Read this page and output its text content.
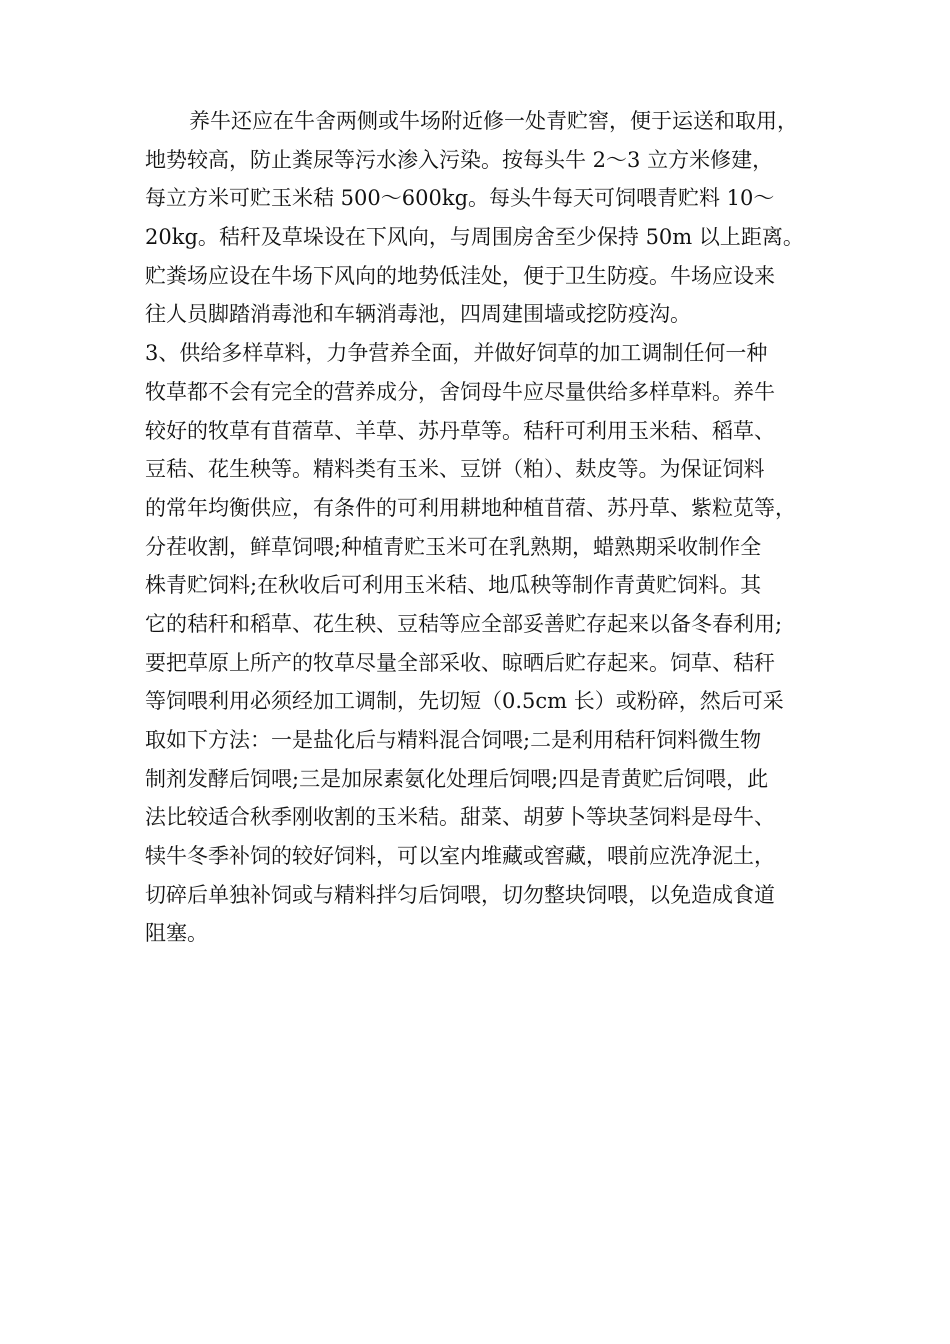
养牛还应在牛舍两侧或牛场附近修一处青贮窖，便于运送和取用，
地势较高，防止粪尿等污水渗入污染。按每头牛 2～3 立方米修建，
每立方米可贮玉米秸 500～600kg。每头牛每天可饲喂青贮料 10～
20kg。秸秆及草垛设在下风向，与周围房舍至少保持 50m 以上距离。
贮粪场应设在牛场下风向的地势低洼处，便于卫生防疫。牛场应设来
往人员脚踏消毒池和车辆消毒池，四周建围墙或挖防疫沟。
3、供给多样草料，力争营养全面，并做好饲草的加工调制任何一种
牧草都不会有完全的营养成分，舍饲母牛应尽量供给多样草料。养牛
较好的牧草有苜蓿草、羊草、苏丹草等。秸秆可利用玉米秸、稻草、
豆秸、花生秧等。精料类有玉米、豆饼（粕）、麸皮等。为保证饲料
的常年均衡供应，有条件的可利用耕地种植苜蓿、苏丹草、紫粒苋等，
分茬收割，鲜草饲喂;种植青贮玉米可在乳熟期，蜡熟期采收制作全
株青贮饲料;在秋收后可利用玉米秸、地瓜秧等制作青黄贮饲料。其
它的秸秆和稻草、花生秧、豆秸等应全部妥善贮存起来以备冬春利用;
要把草原上所产的牧草尽量全部采收、晾晒后贮存起来。饲草、秸秆
等饲喂利用必须经加工调制，先切短（0.5cm 长）或粉碎，然后可采
取如下方法：一是盐化后与精料混合饲喂;二是利用秸秆饲料微生物
制剂发酵后饲喂;三是加尿素氨化处理后饲喂;四是青黄贮后饲喂，此
法比较适合秋季刚收割的玉米秸。甜菜、胡萝卜等块茎饲料是母牛、
犊牛冬季补饲的较好饲料，可以室内堆藏或窖藏，喂前应洗净泥土，
切碎后单独补饲或与精料拌匀后饲喂，切勿整块饲喂，以免造成食道
阻塞。
